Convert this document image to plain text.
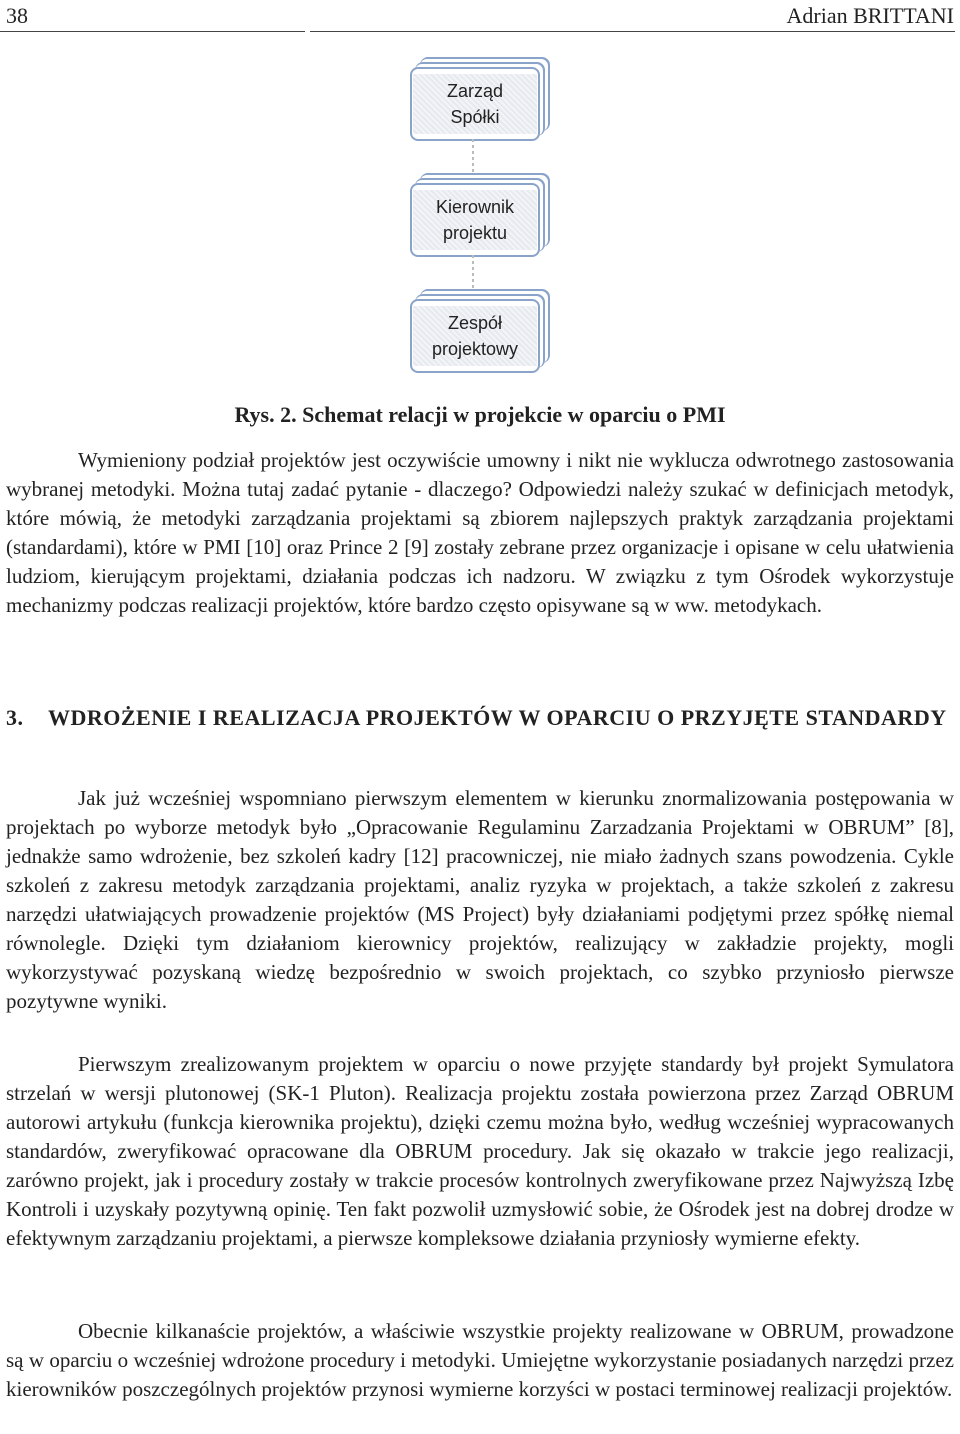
38	Adrian BRITTANI
Zarząd
Spółki
Kierownik
projektu
Zespół
projektowy
Rys. 2. Schemat relacji w projekcie w oparciu o PMI
Wymieniony podział projektów jest oczywiście umowny i nikt nie wyklucza odwrotnego zastosowania wybranej metodyki. Można tutaj zadać pytanie - dlaczego? Odpowiedzi należy szukać w definicjach metodyk, które mówią, że metodyki zarządzania projektami są zbiorem najlepszych praktyk zarządzania projektami (standardami), które w PMI [10] oraz Prince 2 [9] zostały zebrane przez organizacje i opisane w celu ułatwienia ludziom, kierującym projektami, działania podczas ich nadzoru. W związku z tym Ośrodek wykorzystuje mechanizmy podczas realizacji projektów, które bardzo często opisywane są w ww. metodykach.
3. WDROŻENIE I REALIZACJA PROJEKTÓW W OPARCIU O PRZYJĘTE STANDARDY
Jak już wcześniej wspomniano pierwszym elementem w kierunku znormalizowania postępowania w projektach po wyborze metodyk było „Opracowanie Regulaminu Zarzadzania Projektami w OBRUM” [8], jednakże samo wdrożenie, bez szkoleń kadry [12] pracowniczej, nie miało żadnych szans powodzenia. Cykle szkoleń z zakresu metodyk zarządzania projektami, analiz ryzyka w projektach, a także szkoleń z zakresu narzędzi ułatwiających prowadzenie projektów (MS Project) były działaniami podjętymi przez spółkę niemal równolegle. Dzięki tym działaniom kierownicy projektów, realizujący w zakładzie projekty, mogli wykorzystywać pozyskaną wiedzę bezpośrednio w swoich projektach, co szybko przyniosło pierwsze pozytywne wyniki.
Pierwszym zrealizowanym projektem w oparciu o nowe przyjęte standardy był projekt Symulatora strzelań w wersji plutonowej (SK-1 Pluton). Realizacja projektu została powierzona przez Zarząd OBRUM autorowi artykułu (funkcja kierownika projektu), dzięki czemu można było, według wcześniej wypracowanych standardów, zweryfikować opracowane dla OBRUM procedury. Jak się okazało w trakcie jego realizacji, zarówno projekt, jak i procedury zostały w trakcie procesów kontrolnych zweryfikowane przez Najwyższą Izbę Kontroli i uzyskały pozytywną opinię. Ten fakt pozwolił uzmysłowić sobie, że Ośrodek jest na dobrej drodze w efektywnym zarządzaniu projektami, a pierwsze kompleksowe działania przyniosły wymierne efekty.
Obecnie kilkanaście projektów, a właściwie wszystkie projekty realizowane w OBRUM, prowadzone są w oparciu o wcześniej wdrożone procedury i metodyki. Umiejętne wykorzystanie posiadanych narzędzi przez kierowników poszczególnych projektów przynosi wymierne korzyści w postaci terminowej realizacji projektów.
